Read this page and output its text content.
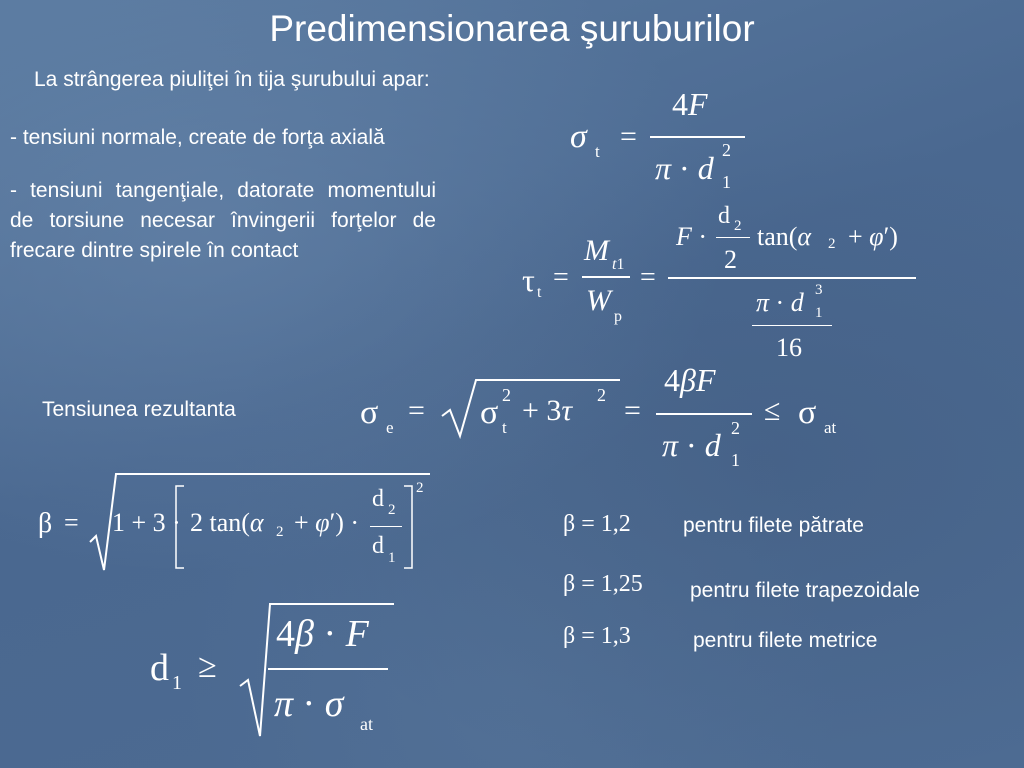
Predimensionarea şuruburilor
La strângerea piuliţei în tija şurubului apar:
- tensiuni normale, create de forţa axială
- tensiuni tangenţiale, datorate momentului de torsiune necesar învingerii forţelor de frecare dintre spirele în contact
Tensiunea rezultanta
pentru filete pătrate
pentru filete trapezoidale
pentru filete metrice
σ t =
4F
π · d 2
1
τ t =
M t1
W p
=
F ·
d 2
2
tan(α 2 + φ′)
π · d 3
1
16
σ e
= σ 2
t
+ 3τ 2 =
4βF
π · d 2
1
≤ σ at
β = 1 + 3 · 2 tan(α 2 + φ′) ·
d 2
d 1
2
β = 1,2
β = 1,25
β = 1,3
d 1 ≥
4β · F
π · σ at
